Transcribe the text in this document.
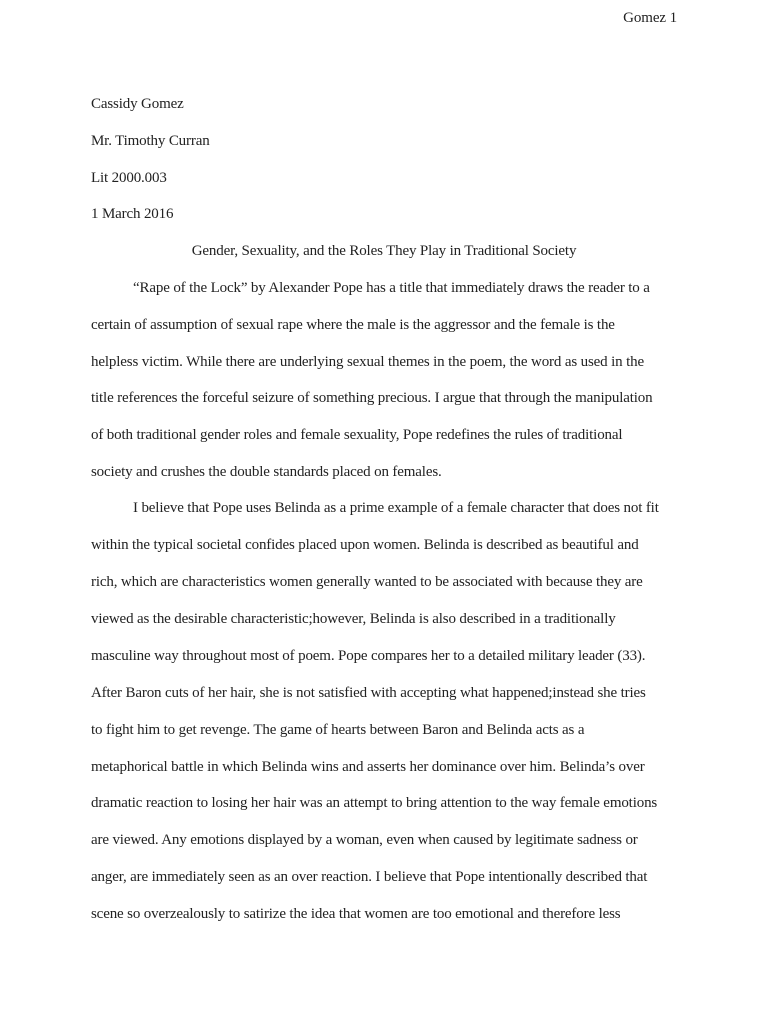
Gomez 1
Cassidy Gomez
Mr. Timothy Curran
Lit 2000.003
1 March 2016
Gender, Sexuality, and the Roles They Play in Traditional Society
“Rape of the Lock” by Alexander Pope has a title that immediately draws the reader to a
certain of assumption of sexual rape where the male is the aggressor and the female is the
helpless victim. While there are underlying sexual themes in the poem, the word as used in the
title references the forceful seizure of something precious. I argue that through the manipulation
of both traditional gender roles and female sexuality, Pope redefines the rules of traditional
society and crushes the double standards placed on females.
I believe that Pope uses Belinda as a prime example of a female character that does not fit
within the typical societal confides placed upon women. Belinda is described as beautiful and
rich, which are characteristics women generally wanted to be associated with because they are
viewed as the desirable characteristic;however, Belinda is also described in a traditionally
masculine way throughout most of poem. Pope compares her to a detailed military leader (33).
After Baron cuts of her hair, she is not satisfied with accepting what happened;instead she tries
to fight him to get revenge. The game of hearts between Baron and Belinda acts as a
metaphorical battle in which Belinda wins and asserts her dominance over him. Belinda’s over
dramatic reaction to losing her hair was an attempt to bring attention to the way female emotions
are viewed. Any emotions displayed by a woman, even when caused by legitimate sadness or
anger, are immediately seen as an over reaction. I believe that Pope intentionally described that
scene so overzealously to satirize the idea that women are too emotional and therefore less
